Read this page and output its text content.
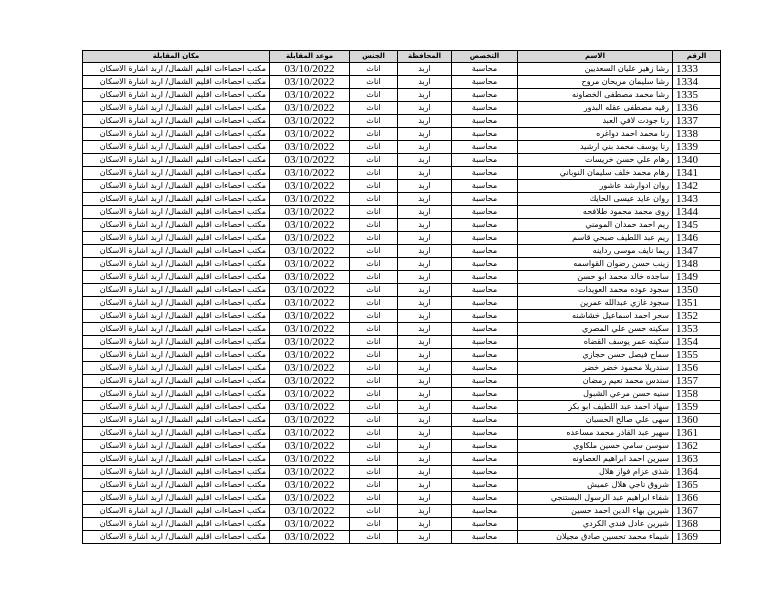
الرقم	الاسم	التخصص	المحافظة	الجنس	موعد المقابلة	مكان المقابلة
1333	رشا زهير عليان السعديين	محاسبة	اربد	اناث	03/10/2022	مكتب احصاءات اقليم الشمال/ اربد اشارة الاسكان
1334	رشا سليمان مريحان مروح	محاسبة	اربد	اناث	03/10/2022	مكتب احصاءات اقليم الشمال/ اربد اشارة الاسكان
1335	رشا محمد مصطفى الخصاونه	محاسبة	اربد	اناث	03/10/2022	مكتب احصاءات اقليم الشمال/ اربد اشارة الاسكان
1336	رقيه مصطفى عقله البدور	محاسبة	اربد	اناث	03/10/2022	مكتب احصاءات اقليم الشمال/ اربد اشارة الاسكان
1337	رنا جودت لافي العبد	محاسبة	اربد	اناث	03/10/2022	مكتب احصاءات اقليم الشمال/ اربد اشارة الاسكان
1338	رنا محمد احمد دواغره	محاسبة	اربد	اناث	03/10/2022	مكتب احصاءات اقليم الشمال/ اربد اشارة الاسكان
1339	رنا يوسف محمد بني ارشيد	محاسبة	اربد	اناث	03/10/2022	مكتب احصاءات اقليم الشمال/ اربد اشارة الاسكان
1340	رهام علي حسن خريسات	محاسبة	اربد	اناث	03/10/2022	مكتب احصاءات اقليم الشمال/ اربد اشارة الاسكان
1341	رهام محمد خلف سليمان النوباني	محاسبة	اربد	اناث	03/10/2022	مكتب احصاءات اقليم الشمال/ اربد اشارة الاسكان
1342	روان ادوارشد عاشور	محاسبة	اربد	اناث	03/10/2022	مكتب احصاءات اقليم الشمال/ اربد اشارة الاسكان
1343	روان عايد عيسى الحايك	محاسبة	اربد	اناث	03/10/2022	مكتب احصاءات اقليم الشمال/ اربد اشارة الاسكان
1344	روى محمد محمود طلافحه	محاسبة	اربد	اناث	03/10/2022	مكتب احصاءات اقليم الشمال/ اربد اشارة الاسكان
1345	ريم احمد حمدان المومني	محاسبة	اربد	اناث	03/10/2022	مكتب احصاءات اقليم الشمال/ اربد اشارة الاسكان
1346	ريم عبد اللطيف صبحي قاسم	محاسبة	اربد	اناث	03/10/2022	مكتب احصاءات اقليم الشمال/ اربد اشارة الاسكان
1347	ريما نايف موسى رداينه	محاسبة	اربد	اناث	03/10/2022	مكتب احصاءات اقليم الشمال/ اربد اشارة الاسكان
1348	زينب حسن رضوان القواسمه	محاسبة	اربد	اناث	03/10/2022	مكتب احصاءات اقليم الشمال/ اربد اشارة الاسكان
1349	ساجده خالد محمد ابو حسن	محاسبة	اربد	اناث	03/10/2022	مكتب احصاءات اقليم الشمال/ اربد اشارة الاسكان
1350	سجود عوده محمد العويدات	محاسبة	اربد	اناث	03/10/2022	مكتب احصاءات اقليم الشمال/ اربد اشارة الاسكان
1351	سجود غازي عبدالله عمرين	محاسبة	اربد	اناث	03/10/2022	مكتب احصاءات اقليم الشمال/ اربد اشارة الاسكان
1352	سحر احمد اسماعيل خشاشنه	محاسبة	اربد	اناث	03/10/2022	مكتب احصاءات اقليم الشمال/ اربد اشارة الاسكان
1353	سكينه حسن علي المصري	محاسبة	اربد	اناث	03/10/2022	مكتب احصاءات اقليم الشمال/ اربد اشارة الاسكان
1354	سكينه عمر يوسف القضاه	محاسبة	اربد	اناث	03/10/2022	مكتب احصاءات اقليم الشمال/ اربد اشارة الاسكان
1355	سماح فيصل حسن حجازي	محاسبة	اربد	اناث	03/10/2022	مكتب احصاءات اقليم الشمال/ اربد اشارة الاسكان
1356	سندريلا محمود خضر خضر	محاسبة	اربد	اناث	03/10/2022	مكتب احصاءات اقليم الشمال/ اربد اشارة الاسكان
1357	سندس محمد نعيم رمضان	محاسبة	اربد	اناث	03/10/2022	مكتب احصاءات اقليم الشمال/ اربد اشارة الاسكان
1358	سنيه حسن مرعي الشبول	محاسبة	اربد	اناث	03/10/2022	مكتب احصاءات اقليم الشمال/ اربد اشارة الاسكان
1359	سهاد احمد عبد اللطيف ابو بكر	محاسبة	اربد	اناث	03/10/2022	مكتب احصاءات اقليم الشمال/ اربد اشارة الاسكان
1360	سهى علي صالح الحسبان	محاسبة	اربد	اناث	03/10/2022	مكتب احصاءات اقليم الشمال/ اربد اشارة الاسكان
1361	سهير عبد القادر محمد مساعده	محاسبة	اربد	اناث	03/10/2022	مكتب احصاءات اقليم الشمال/ اربد اشارة الاسكان
1362	سوسن سامي حسين ملكاوي	محاسبة	اربد	اناث	03/10/2022	مكتب احصاءات اقليم الشمال/ اربد اشارة الاسكان
1363	سيرين احمد ابراهيم العصاونه	محاسبة	اربد	اناث	03/10/2022	مكتب احصاءات اقليم الشمال/ اربد اشارة الاسكان
1364	شذى عزام فواز هلال	محاسبة	اربد	اناث	03/10/2022	مكتب احصاءات اقليم الشمال/ اربد اشارة الاسكان
1365	شروق ناجي هلال عميش	محاسبة	اربد	اناث	03/10/2022	مكتب احصاءات اقليم الشمال/ اربد اشارة الاسكان
1366	شفاء ابراهيم عبد الرسول البستنجي	محاسبة	اربد	اناث	03/10/2022	مكتب احصاءات اقليم الشمال/ اربد اشارة الاسكان
1367	شيرين بهاء الدين احمد حسين	محاسبة	اربد	اناث	03/10/2022	مكتب احصاءات اقليم الشمال/ اربد اشارة الاسكان
1368	شيرين عادل فندي الكردي	محاسبة	اربد	اناث	03/10/2022	مكتب احصاءات اقليم الشمال/ اربد اشارة الاسكان
1369	شيماء محمد تحسين صادق مجيلان	محاسبة	اربد	اناث	03/10/2022	مكتب احصاءات اقليم الشمال/ اربد اشارة الاسكان
